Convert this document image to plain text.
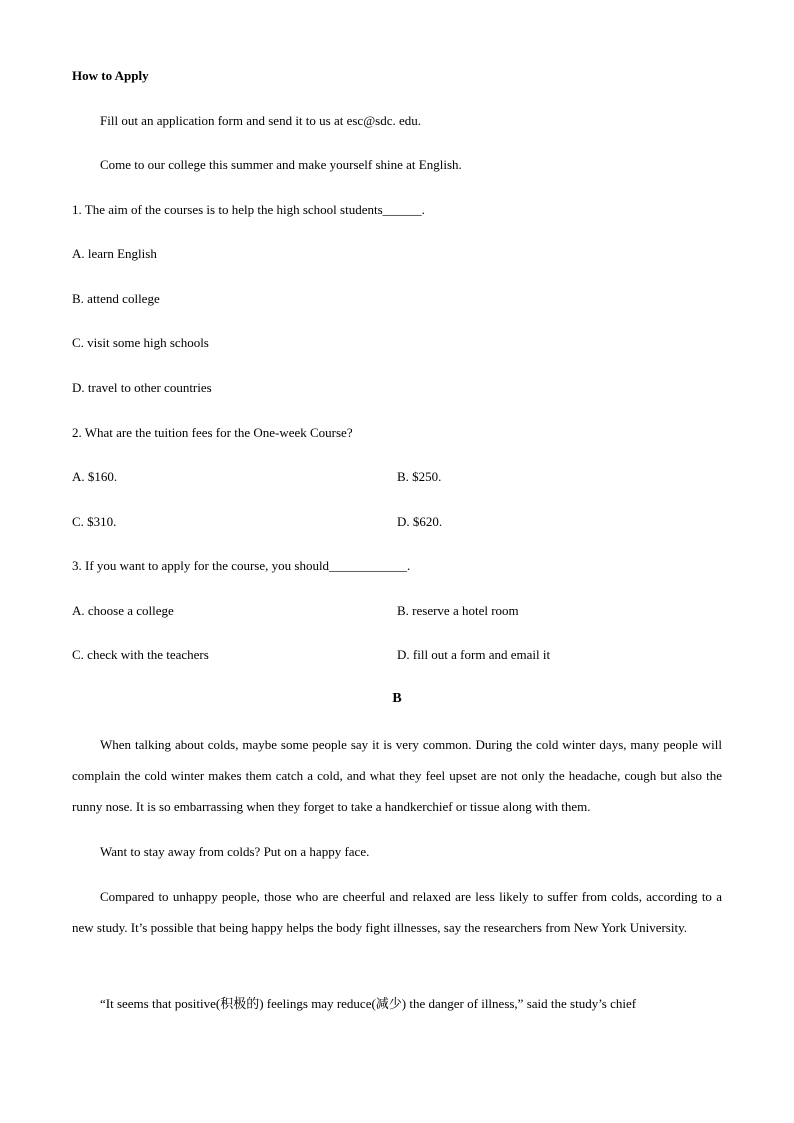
How to Apply
Fill out an application form and send it to us at esc@sdc. edu.
Come to our college this summer and make yourself shine at English.
1. The aim of the courses is to help the high school students______.
A. learn English
B. attend college
C. visit some high schools
D. travel to other countries
2. What are the tuition fees for the One-week Course?
A. $160.	B. $250.
C. $310.	D. $620.
3. If you want to apply for the course, you should____________.
A. choose a college	B. reserve a hotel room
C. check with the teachers	D. fill out a form and email it
B
When talking about colds, maybe some people say it is very common. During the cold winter days, many people will complain the cold winter makes them catch a cold, and what they feel upset are not only the headache, cough but also the runny nose. It is so embarrassing when they forget to take a handkerchief or tissue along with them.
Want to stay away from colds? Put on a happy face.
Compared to unhappy people, those who are cheerful and relaxed are less likely to suffer from colds, according to a new study. It’s possible that being happy helps the body fight illnesses, say the researchers from New York University.
“It seems that positive(积极的) feelings may reduce(减少) the danger of illness,” said the study’s chief
